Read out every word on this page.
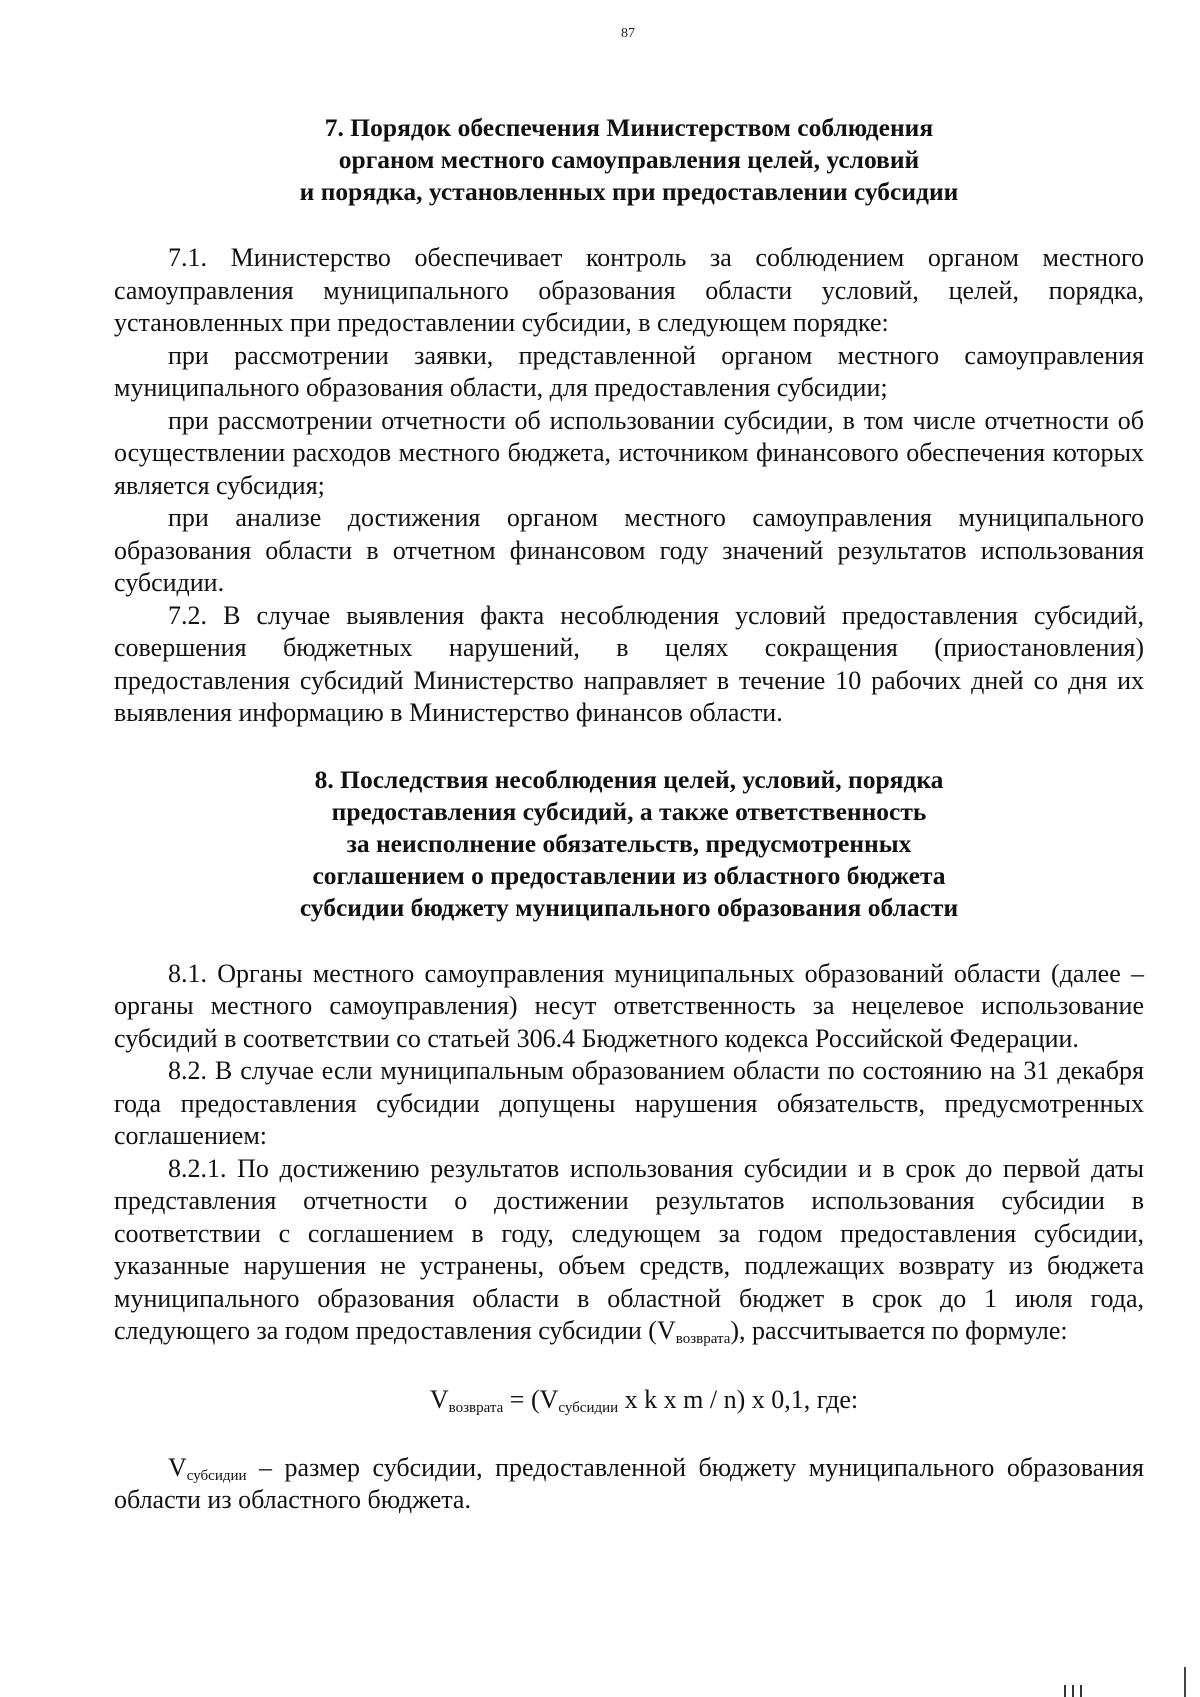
87
7. Порядок обеспечения Министерством соблюдения
органом местного самоуправления целей, условий
и порядка, установленных при предоставлении субсидии

7.1. Министерство обеспечивает контроль за соблюдением органом местного самоуправления муниципального образования области условий, целей, порядка, установленных при предоставлении субсидии, в следующем порядке:

при рассмотрении заявки, представленной органом местного самоуправления муниципального образования области, для предоставления субсидии;

при рассмотрении отчетности об использовании субсидии, в том числе отчетности об осуществлении расходов местного бюджета, источником финансового обеспечения которых является субсидия;

при анализе достижения органом местного самоуправления муниципального образования области в отчетном финансовом году значений результатов использования субсидии.

7.2. В случае выявления факта несоблюдения условий предоставления субсидий, совершения бюджетных нарушений, в целях сокращения (приостановления) предоставления субсидий Министерство направляет в течение 10 рабочих дней со дня их выявления информацию в Министерство финансов области.

8. Последствия несоблюдения целей, условий, порядка
предоставления субсидий, а также ответственность
за неисполнение обязательств, предусмотренных
соглашением о предоставлении из областного бюджета
субсидии бюджету муниципального образования области

8.1. Органы местного самоуправления муниципальных образований области (далее – органы местного самоуправления) несут ответственность за нецелевое использование субсидий в соответствии со статьей 306.4 Бюджетного кодекса Российской Федерации.

8.2. В случае если муниципальным образованием области по состоянию на 31 декабря года предоставления субсидии допущены нарушения обязательств, предусмотренных соглашением:

8.2.1. По достижению результатов использования субсидии и в срок до первой даты представления отчетности о достижении результатов использования субсидии в соответствии с соглашением в году, следующем за годом предоставления субсидии, указанные нарушения не устранены, объем средств, подлежащих возврату из бюджета муниципального образования области в областной бюджет в срок до 1 июля года, следующего за годом предоставления субсидии $(V_{возврата})$, рассчитывается по формуле:

$V_{возврата} = (V_{субсидии}$ x k x m / n) x 0,1, где:

$V_{субсидии}$ – размер субсидии, предоставленной бюджету муниципального образования области из областного бюджета.
